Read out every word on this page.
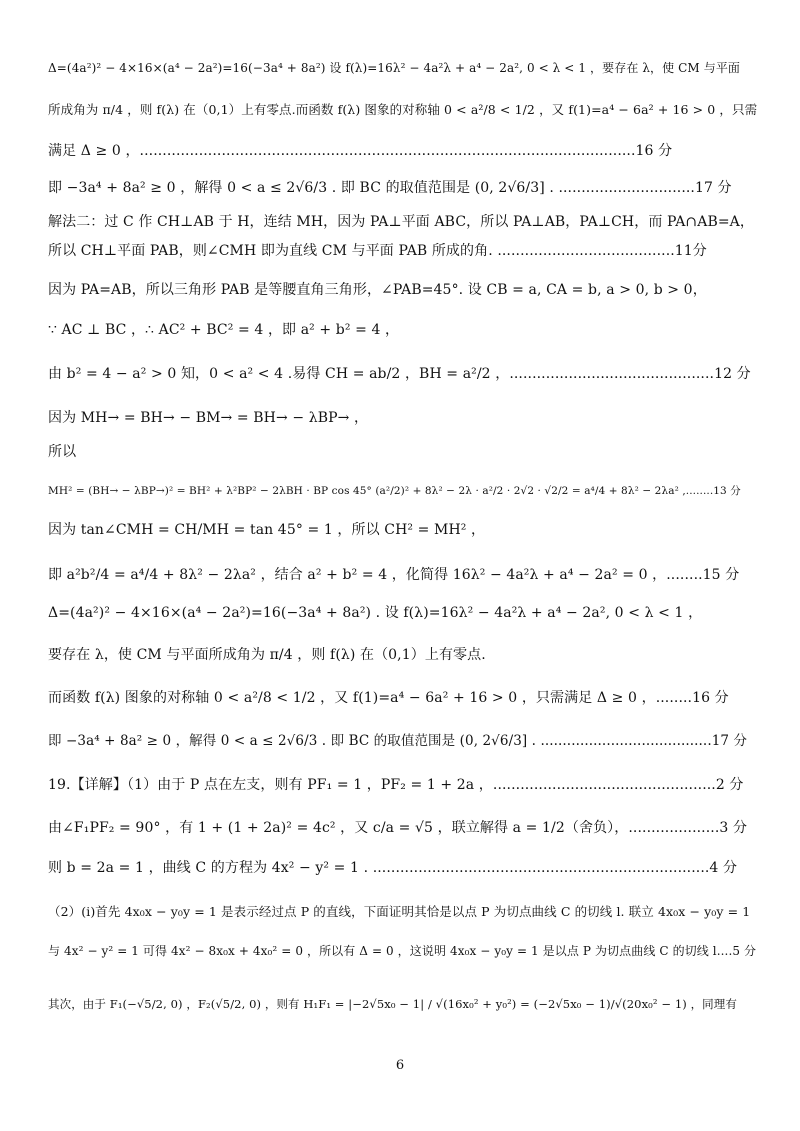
Δ=(4a²)² − 4×16×(a⁴ − 2a²)=16(−3a⁴ + 8a²) 设 f(λ)=16λ² − 4a²λ + a⁴ − 2a², 0 < λ < 1 ，要存在 λ，使 CM 与平面
所成角为 π/4 ，则 f(λ) 在（0,1）上有零点.而函数 f(λ) 图象的对称轴 0 < a²/8 < 1/2 ，又 f(1)=a⁴ − 6a² + 16 > 0 ，只需
满足 Δ ≥ 0 ，.............................................................................................................16 分
即 −3a⁴ + 8a² ≥ 0 ，解得 0 < a ≤ 2√6/3 . 即 BC 的取值范围是 (0, 2√6/3] . ..............................17 分
解法二：过 C 作 CH⊥AB 于 H，连结 MH，因为 PA⊥平面 ABC，所以 PA⊥AB，PA⊥CH，而 PA∩AB=A，
所以 CH⊥平面 PAB，则∠CMH 即为直线 CM 与平面 PAB 所成的角. .......................................11分
因为 PA=AB，所以三角形 PAB 是等腰直角三角形，∠PAB=45°. 设 CB = a, CA = b, a > 0, b > 0，
∵ AC ⊥ BC ，∴ AC² + BC² = 4 ，即 a² + b² = 4 ，
由 b² = 4 − a² > 0 知，0 < a² < 4 .易得 CH = ab/2 ，BH = a²/2 ，.............................................12 分
因为 MH→ = BH→ − BM→ = BH→ − λBP→ ，
所以
MH² = (BH→ − λBP→)² = BH² + λ²BP² − 2λBH · BP cos 45° (a²/2)² + 8λ² − 2λ · a²/2 · 2√2 · √2/2 = a⁴/4 + 8λ² − 2λa² ,........13 分
因为 tan∠CMH = CH/MH = tan 45° = 1 ，所以 CH² = MH² ，
即 a²b²/4 = a⁴/4 + 8λ² − 2λa² ，结合 a² + b² = 4 ，化简得 16λ² − 4a²λ + a⁴ − 2a² = 0 ，........15 分
Δ=(4a²)² − 4×16×(a⁴ − 2a²)=16(−3a⁴ + 8a²) . 设 f(λ)=16λ² − 4a²λ + a⁴ − 2a², 0 < λ < 1 ，
要存在 λ，使 CM 与平面所成角为 π/4 ，则 f(λ) 在（0,1）上有零点.
而函数 f(λ) 图象的对称轴 0 < a²/8 < 1/2 ，又 f(1)=a⁴ − 6a² + 16 > 0 ，只需满足 Δ ≥ 0 ，........16 分
即 −3a⁴ + 8a² ≥ 0 ，解得 0 < a ≤ 2√6/3 . 即 BC 的取值范围是 (0, 2√6/3] . .......................................17 分
19.【详解】（1）由于 P 点在左支，则有 PF₁ = 1 ，PF₂ = 1 + 2a ，.................................................2 分
由∠F₁PF₂ = 90° ，有 1 + (1 + 2a)² = 4c² ，又 c/a = √5 ，联立解得 a = 1/2（舍负），....................3 分
则 b = 2a = 1 ，曲线 C 的方程为 4x² − y² = 1 . ..........................................................................4 分
（2）(i)首先 4x₀x − y₀y = 1 是表示经过点 P 的直线，下面证明其恰是以点 P 为切点曲线 C 的切线 l. 联立 4x₀x − y₀y = 1
与 4x² − y² = 1 可得 4x² − 8x₀x + 4x₀² = 0 ，所以有 Δ = 0 ，这说明 4x₀x − y₀y = 1 是以点 P 为切点曲线 C 的切线 l....5 分
其次，由于 F₁(−√5/2, 0) ，F₂(√5/2, 0) ，则有 H₁F₁ = |−2√5x₀ − 1| / √(16x₀² + y₀²) = (−2√5x₀ − 1)/√(20x₀² − 1) ，同理有
6
